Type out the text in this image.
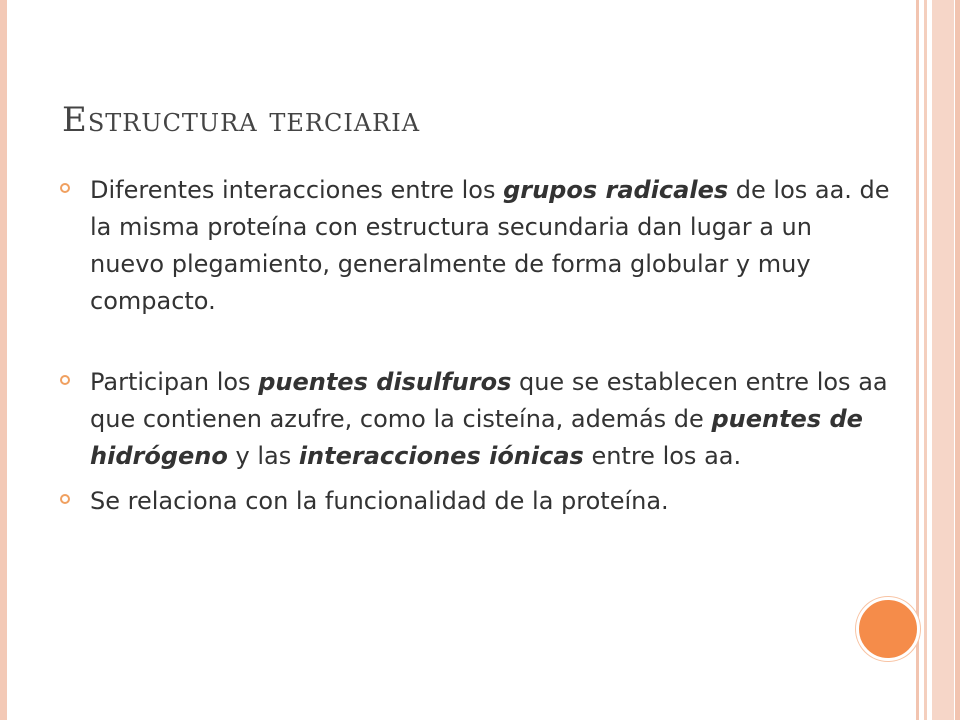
Estructura terciaria
Diferentes interacciones entre los grupos radicales de los aa. de la misma proteína con estructura secundaria dan lugar a un nuevo plegamiento, generalmente de forma globular y muy compacto.
Participan los puentes disulfuros que se establecen entre los aa que contienen azufre, como la cisteína, además de puentes de hidrógeno y las interacciones iónicas entre los aa.
Se relaciona con la funcionalidad de la proteína.
